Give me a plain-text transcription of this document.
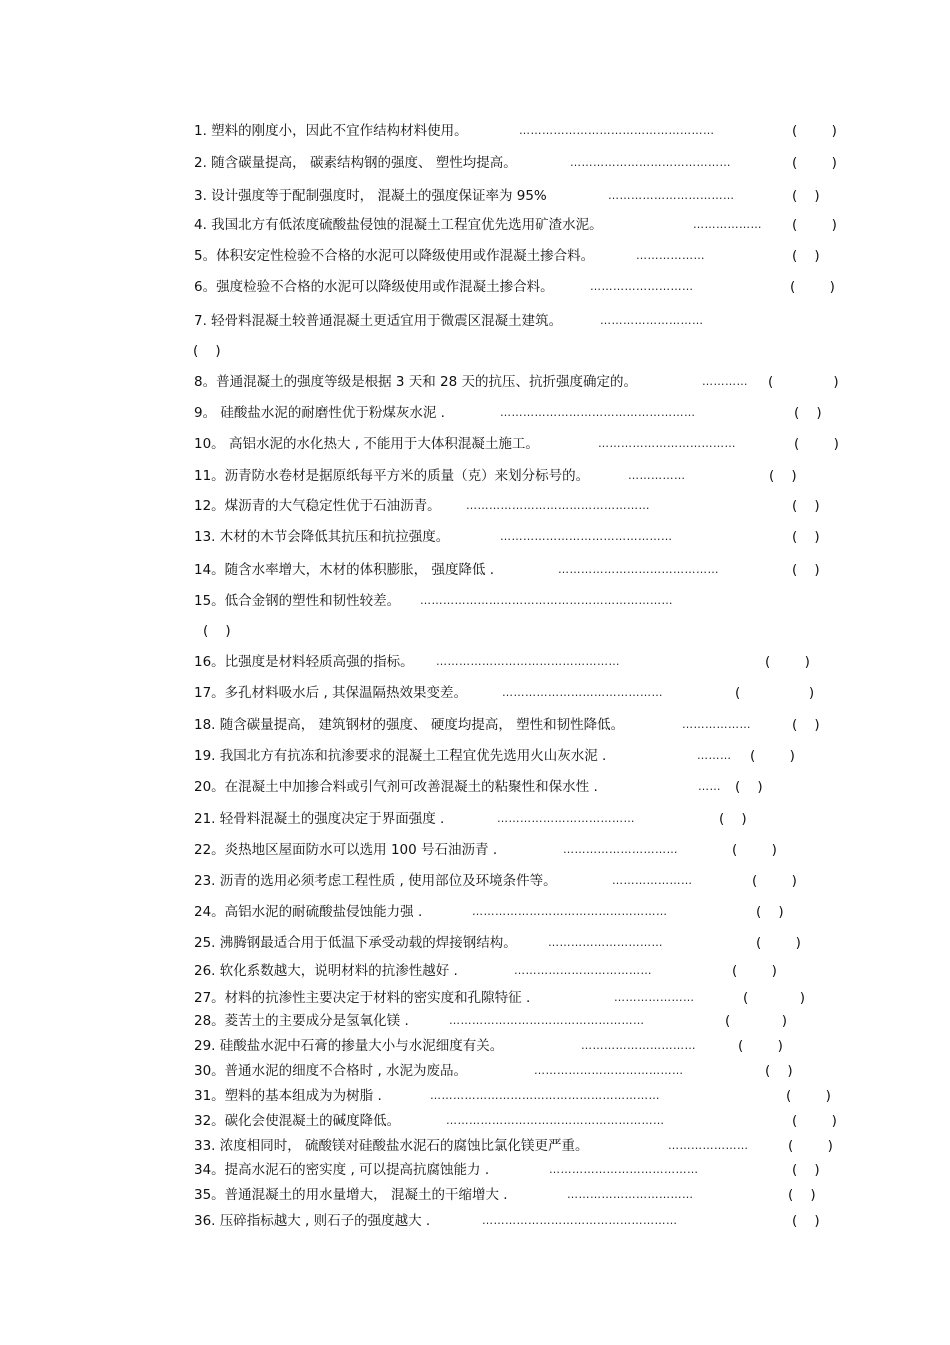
1. 塑料的刚度小，因此不宜作结构材料使用。	……………………………………………	(        )
2. 随含碳量提高， 碳素结构钢的强度、 塑性均提高。	……………………………………	(        )
3. 设计强度等于配制强度时， 混凝土的强度保证率为 95%	……………………………	(    )
4. 我国北方有低浓度硫酸盐侵蚀的混凝土工程宜优先选用矿渣水泥。	……………… (        )
5。体积安定性检验不合格的水泥可以降级使用或作混凝土掺合料。	………………	(    )
6。强度检验不合格的水泥可以降级使用或作混凝土掺合料。	………………………	(        )
7. 轻骨料混凝土较普通混凝土更适宜用于微震区混凝土建筑。	………………………
(    )
8。普通混凝土的强度等级是根据 3 天和 28 天的抗压、抗折强度确定的。	………… (              )
9。 硅酸盐水泥的耐磨性优于粉煤灰水泥 .	……………………………………………	(    )
10。 高铝水泥的水化热大 , 不能用于大体积混凝土施工。	………………………………	(        )
11。沥青防水卷材是据原纸每平方米的质量（克）来划分标号的。	……………	(    )
12。煤沥青的大气稳定性优于石油沥青。 …………………………………………	(    )
13. 木材的木节会降低其抗压和抗拉强度。	………………………………………	(    )
14。随含水率增大，木材的体积膨胀， 强度降低 .	……………………………………	(    )
15。低合金钢的塑性和韧性较差。 …………………………………………………………
(    )
16。比强度是材料轻质高强的指标。 …………………………………………	(        )
17。多孔材料吸水后 , 其保温隔热效果变差。	……………………………………	(                )
18. 随含碳量提高， 建筑钢材的强度、 硬度均提高， 塑性和韧性降低。	………………	(    )
19. 我国北方有抗冻和抗渗要求的混凝土工程宜优先选用火山灰水泥 .	……… (        )
20。在混凝土中加掺合料或引气剂可改善混凝土的粘聚性和保水性 .	…… (    )
21. 轻骨料混凝土的强度决定于界面强度 .	………………………………	(    )
22。炎热地区屋面防水可以选用 100 号石油沥青 .	…………………………	(        )
23. 沥青的选用必须考虑工程性质 , 使用部位及环境条件等。	…………………	(        )
24。高铝水泥的耐硫酸盐侵蚀能力强 .	……………………………………………	(    )
25. 沸腾钢最适合用于低温下承受动载的焊接钢结构。	…………………………	(        )
26. 软化系数越大，说明材料的抗渗性越好 .	………………………………	(        )
27。材料的抗渗性主要决定于材料的密实度和孔隙特征 .	…………………	(            )
28。菱苦土的主要成分是氢氧化镁 .	……………………………………………	(            )
29. 硅酸盐水泥中石膏的掺量大小与水泥细度有关。	…………………………	(        )
30。普通水泥的细度不合格时 , 水泥为废品。	…………………………………	(    )
31。塑料的基本组成为为树脂 .	……………………………………………………	(        )
32。碳化会使混凝土的碱度降低。	…………………………………………………	(        )
33. 浓度相同时， 硫酸镁对硅酸盐水泥石的腐蚀比氯化镁更严重。	…………………	(        )
34。提高水泥石的密实度 , 可以提高抗腐蚀能力 .	…………………………………	(    )
35。普通混凝土的用水量增大， 混凝土的干缩增大 .	……………………………	(    )
36. 压碎指标越大 , 则石子的强度越大 .	……………………………………………	(    )
